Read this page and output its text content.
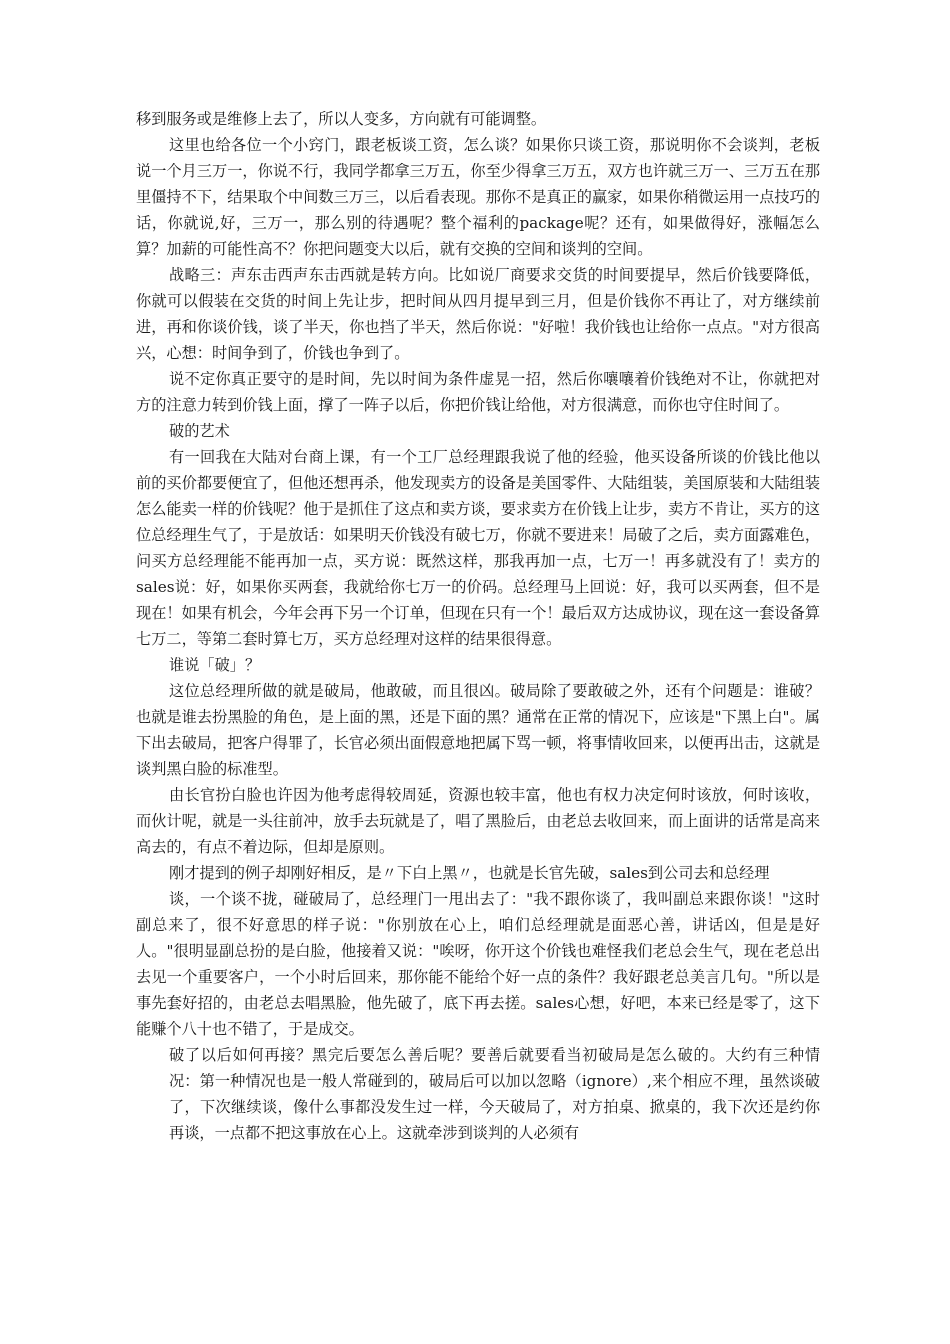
移到服务或是维修上去了，所以人变多，方向就有可能调整。

这里也给各位一个小窍门，跟老板谈工资，怎么谈？如果你只谈工资，那说明你不会谈判，老板说一个月三万一，你说不行，我同学都拿三万五，你至少得拿三万五，双方也许就三万一、三万五在那里僵持不下，结果取个中间数三万三，以后看表现。那你不是真正的赢家，如果你稍微运用一点技巧的话，你就说,好，三万一，那么别的待遇呢？整个福利的package呢？还有，如果做得好，涨幅怎么算？加薪的可能性高不？你把问题变大以后，就有交换的空间和谈判的空间。

战略三：声东击西声东击西就是转方向。比如说厂商要求交货的时间要提早，然后价钱要降低，你就可以假装在交货的时间上先让步，把时间从四月提早到三月，但是价钱你不再让了，对方继续前进，再和你谈价钱，谈了半天，你也挡了半天，然后你说："好啦！我价钱也让给你一点点。"对方很高兴，心想：时间争到了，价钱也争到了。

说不定你真正要守的是时间，先以时间为条件虚晃一招，然后你嚷嚷着价钱绝对不让，你就把对方的注意力转到价钱上面，撑了一阵子以后，你把价钱让给他，对方很满意，而你也守住时间了。

破的艺术

有一回我在大陆对台商上课，有一个工厂总经理跟我说了他的经验，他买设备所谈的价钱比他以前的买价都要便宜了，但他还想再杀，他发现卖方的设备是美国零件、大陆组装，美国原装和大陆组装怎么能卖一样的价钱呢？他于是抓住了这点和卖方谈，要求卖方在价钱上让步，卖方不肯让，买方的这位总经理生气了，于是放话：如果明天价钱没有破七万，你就不要进来！局破了之后，卖方面露难色，问买方总经理能不能再加一点，买方说：既然这样，那我再加一点，七万一！再多就没有了！卖方的sales说：好，如果你买两套，我就给你七万一的价码。总经理马上回说：好，我可以买两套，但不是现在！如果有机会，今年会再下另一个订单，但现在只有一个！最后双方达成协议，现在这一套设备算七万二，等第二套时算七万，买方总经理对这样的结果很得意。

谁说「破」？

这位总经理所做的就是破局，他敢破，而且很凶。破局除了要敢破之外，还有个问题是：谁破？也就是谁去扮黑脸的角色，是上面的黑，还是下面的黑？通常在正常的情况下，应该是"下黑上白"。属下出去破局，把客户得罪了，长官必须出面假意地把属下骂一顿，将事情收回来，以便再出击，这就是谈判黑白脸的标准型。

由长官扮白脸也许因为他考虑得较周延，资源也较丰富，他也有权力决定何时该放，何时该收，而伙计呢，就是一头往前冲，放手去玩就是了，唱了黑脸后，由老总去收回来，而上面讲的话常是高来高去的，有点不着边际，但却是原则。

刚才提到的例子却刚好相反，是〃下白上黑〃，也就是长官先破，sales到公司去和总经理

谈，一个谈不拢，碰破局了，总经理门一甩出去了："我不跟你谈了，我叫副总来跟你谈！"这时副总来了，很不好意思的样子说："你别放在心上，咱们总经理就是面恶心善，讲话凶，但是是好人。"很明显副总扮的是白脸，他接着又说："唉呀，你开这个价钱也难怪我们老总会生气，现在老总出去见一个重要客户，一个小时后回来，那你能不能给个好一点的条件？我好跟老总美言几句。"所以是事先套好招的，由老总去唱黑脸，他先破了，底下再去搓。sales心想，好吧，本来已经是零了，这下能赚个八十也不错了，于是成交。

破了以后如何再接？黑完后要怎么善后呢？要善后就要看当初破局是怎么破的。大约有三种情况：第一种情况也是一般人常碰到的，破局后可以加以忽略（ignore）,来个相应不理，虽然谈破了，下次继续谈，像什么事都没发生过一样，今天破局了，对方拍桌、掀桌的，我下次还是约你再谈，一点都不把这事放在心上。这就牵涉到谈判的人必须有
